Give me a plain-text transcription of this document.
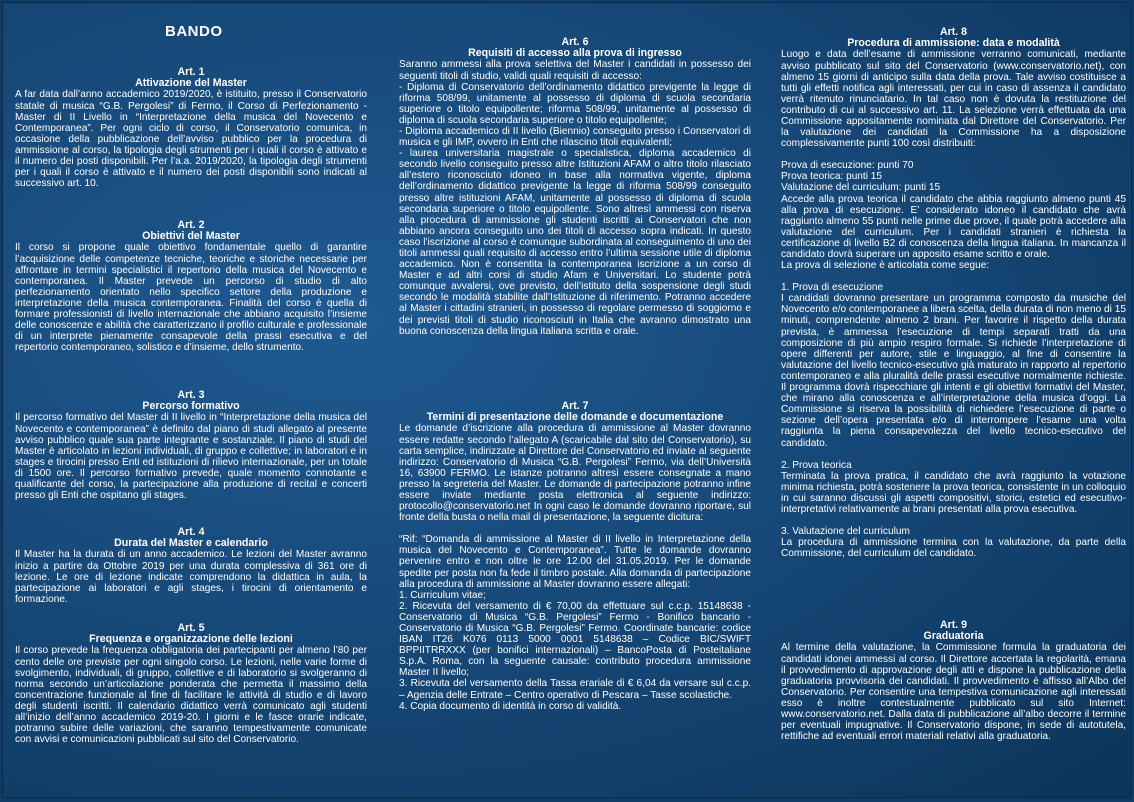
BANDO
Art. 1
Attivazione del Master

A far data dall’anno accademico 2019/2020, è istituito, presso il Conservatorio statale di musica “G.B. Pergolesi” di Fermo, il Corso di Perfezionamento - Master di II Livello in “Interpretazione della musica del Novecento e Contemporanea”. Per ogni ciclo di corso, il Conservatorio comunica, in occasione della pubblicazione dell’avviso pubblico per la procedura di ammissione al corso, la tipologia degli strumenti per i quali il corso è attivato e il numero dei posti disponibili. Per l’a.a. 2019/2020, la tipologia degli strumenti per i quali il corso è attivato e il numero dei posti disponibili sono indicati al successivo art. 10.

Art. 2
Obiettivi del Master

Il corso si propone quale obiettivo fondamentale quello di garantire l’acquisizione delle competenze tecniche, teoriche e storiche necessarie per affrontare in termini specialistici il repertorio della musica del Novecento e contemporanea. Il Master prevede un percorso di studio di alto perfezionamento orientato nello specifico settore della produzione e interpretazione della musica contemporanea. Finalità del corso è quella di formare professionisti di livello internazionale che abbiano acquisito l’insieme delle conoscenze e abilità che caratterizzano il profilo culturale e professionale di un interprete pienamente consapevole della prassi esecutiva e del repertorio contemporaneo, solistico e d’insieme, dello strumento.

Art. 3
Percorso formativo

Il percorso formativo del Master di II livello in “Interpretazione della musica del Novecento e contemporanea” è definito dal piano di studi allegato al presente avviso pubblico quale sua parte integrante e sostanziale. Il piano di studi del Master è articolato in lezioni individuali, di gruppo e collettive; in laboratori e in stages e tirocini presso Enti ed istituzioni di rilievo internazionale, per un totale di 1500 ore. Il percorso formativo prevede, quale momento connotante e qualificante del corso, la partecipazione alla produzione di recital e concerti presso gli Enti che ospitano gli stages.

Art. 4
Durata del Master e calendario

Il Master ha la durata di un anno accademico. Le lezioni del Master avranno inizio a partire da Ottobre 2019 per una durata complessiva di 361 ore di lezione. Le ore di lezione indicate comprendono la didattica in aula, la partecipazione ai laboratori e agli stages, i tirocini di orientamento e formazione.

Art. 5
Frequenza e organizzazione delle lezioni

Il corso prevede la frequenza obbligatoria dei partecipanti per almeno l’80 per cento delle ore previste per ogni singolo corso. Le lezioni, nelle varie forme di svolgimento, individuali, di gruppo, collettive e di laboratorio si svolgeranno di norma secondo un’articolazione ponderata che permetta il massimo della concentrazione funzionale al fine di facilitare le attività di studio e di lavoro degli studenti iscritti. Il calendario didattico verrà comunicato agli studenti all’inizio dell’anno accademico 2019-20. I giorni e le fasce orarie indicate, potranno subire delle variazioni, che saranno tempestivamente comunicate con avvisi e comunicazioni pubblicati sul sito del Conservatorio.

Art. 6
Requisiti di accesso alla prova di ingresso

Saranno ammessi alla prova selettiva del Master i candidati in possesso dei seguenti titoli di studio, validi quali requisiti di accesso:

- Diploma di Conservatorio dell’ordinamento didattico previgente la legge di riforma 508/99, unitamente al possesso di diploma di scuola secondaria superiore o titolo equipollente; riforma 508/99, unitamente al possesso di diploma di scuola secondaria superiore o titolo equipollente;

- Diploma accademico di II livello (Biennio) conseguito presso i Conservatori di musica e gli IMP, ovvero in Enti che rilascino titoli equivalenti;

- laurea universitaria magistrale o specialistica, diploma accademico di secondo livello conseguito presso altre Istituzioni AFAM o altro titolo rilasciato all’estero riconosciuto idoneo in base alla normativa vigente, diploma dell’ordinamento didattico previgente la legge di riforma 508/99 conseguito presso altre istituzioni AFAM, unitamente al possesso di diploma di scuola secondaria superiore o titolo equipollente. Sono altresì ammessi con riserva alla procedura di ammissione gli studenti iscritti ai Conservatori che non abbiano ancora conseguito uno dei titoli di accesso sopra indicati. In questo caso l’iscrizione al corso è comunque subordinata al conseguimento di uno dei titoli ammessi quali requisito di accesso entro l’ultima sessione utile di diploma accademico. Non è consentita la contemporanea iscrizione a un corso di Master e ad altri corsi di studio Afam e Universitari. Lo studente potrà comunque avvalersi, ove previsto, dell’istituto della sospensione degli studi secondo le modalità stabilite dall’Istituzione di riferimento. Potranno accedere al Master i cittadini stranieri, in possesso di regolare permesso di soggiorno e dei previsti titoli di studio riconosciuti in Italia che avranno dimostrato una buona conoscenza della lingua italiana scritta e orale.

Art. 7
Termini di presentazione delle domande e documentazione

Le domande d’iscrizione alla procedura di ammissione al Master dovranno essere redatte secondo l’allegato A (scaricabile dal sito del Conservatorio), su carta semplice, indirizzate al Direttore del Conservatorio ed inviate al seguente indirizzo: Conservatorio di Musica “G.B. Pergolesi” Fermo, via dell’Università 16, 63900 FERMO. Le istanze potranno altresì essere consegnate a mano presso la segreteria del Master. Le domande di partecipazione potranno infine essere inviate mediante posta elettronica al seguente indirizzo: protocollo@conservatorio.net In ogni caso le domande dovranno riportare, sul fronte della busta o nella mail di presentazione, la seguente dicitura:

“Rif: “Domanda di ammissione al Master di II livello in Interpretazione della musica del Novecento e Contemporanea”. Tutte le domande dovranno pervenire entro e non oltre le ore 12.00 del 31.05.2019. Per le domande spedite per posta non fa fede il timbro postale. Alla domanda di partecipazione alla procedura di ammissione al Master dovranno essere allegati:

1. Curriculum vitae;

2. Ricevuta del versamento di € 70,00 da effettuare sul c.c.p. 15148638 - Conservatorio di Musica “G.B. Pergolesi” Fermo - Bonifico bancario - Conservatorio di Musica “G.B. Pergolesi” Fermo. Coordinate bancarie: codice IBAN IT26 K076 0113 5000 0001 5148638 – Codice BIC/SWIFT BPPIITRRXXX (per bonifici internazionali) – BancoPosta di Posteitaliane S.p.A. Roma, con la seguente causale: contributo procedura ammissione Master II livello;

3. Ricevuta del versamento della Tassa erariale di € 6,04 da versare sul c.c.p. – Agenzia delle Entrate – Centro operativo di Pescara – Tasse scolastiche.

4. Copia documento di identità in corso di validità.

Art. 8
Procedura di ammissione: data e modalità

Luogo e data dell’esame di ammissione verranno comunicati, mediante avviso pubblicato sul sito del Conservatorio (www.conservatorio.net), con almeno 15 giorni di anticipo sulla data della prova. Tale avviso costituisce a tutti gli effetti notifica agli interessati, per cui in caso di assenza il candidato verrà ritenuto rinunciatario. In tal caso non è dovuta la restituzione del contributo di cui al successivo art. 11. La selezione verrà effettuata da una Commissione appositamente nominata dal Direttore del Conservatorio. Per la valutazione dei candidati la Commissione ha a disposizione complessivamente punti 100 così distribuiti:

Prova di esecuzione: punti 70

Prova teorica: punti 15

Valutazione del curriculum: punti 15

Accede alla prova teorica il candidato che abbia raggiunto almeno punti 45 alla prova di esecuzione. E’ considerato idoneo il candidato che avrà raggiunto almeno 55 punti nelle prime due prove, il quale potrà accedere alla valutazione del curriculum. Per i candidati stranieri è richiesta la certificazione di livello B2 di conoscenza della lingua italiana. In mancanza il candidato dovrà superare un apposito esame scritto e orale.

La prova di selezione è articolata come segue:

1. Prova di esecuzione

I candidati dovranno presentare un programma composto da musiche del Novecento e/o contemporanee a libera scelta, della durata di non meno di 15 minuti, comprendente almeno 2 brani. Per favorire il rispetto della durata prevista, è ammessa l’esecuzione di tempi separati tratti da una composizione di più ampio respiro formale. Si richiede l’interpretazione di opere differenti per autore, stile e linguaggio, al fine di consentire la valutazione del livello tecnico-esecutivo già maturato in rapporto al repertorio contemporaneo e alla pluralità delle prassi esecutive normalmente richieste. Il programma dovrà rispecchiare gli intenti e gli obiettivi formativi del Master, che mirano alla conoscenza e all’interpretazione della musica d’oggi. La Commissione si riserva la possibilità di richiedere l’esecuzione di parte o sezione dell’opera presentata e/o di interrompere l’esame una volta raggiunta la piena consapevolezza del livello tecnico-esecutivo del candidato.

2. Prova teorica

Terminata la prova pratica, il candidato che avrà raggiunto la votazione minima richiesta, potrà sostenere la prova teorica, consistente in un colloquio in cui saranno discussi gli aspetti compositivi, storici, estetici ed esecutivo-interpretativi relativamente ai brani presentati alla prova esecutiva.

3. Valutazione del curriculum

La procedura di ammissione termina con la valutazione, da parte della Commissione, del curriculum del candidato.

Art. 9
Graduatoria

Al termine della valutazione, la Commissione formula la graduatoria dei candidati idonei ammessi al corso. Il Direttore accertata la regolarità, emana il provvedimento di approvazione degli atti e dispone la pubblicazione della graduatoria provvisoria dei candidati. Il provvedimento è affisso all’Albo del Conservatorio. Per consentire una tempestiva comunicazione agli interessati esso è inoltre contestualmente pubblicato sul sito Internet: www.conservatorio.net. Dalla data di pubblicazione all’albo decorre il termine per eventuali impugnative. Il Conservatorio dispone, in sede di autotutela, rettifiche ad eventuali errori materiali relativi alla graduatoria.
